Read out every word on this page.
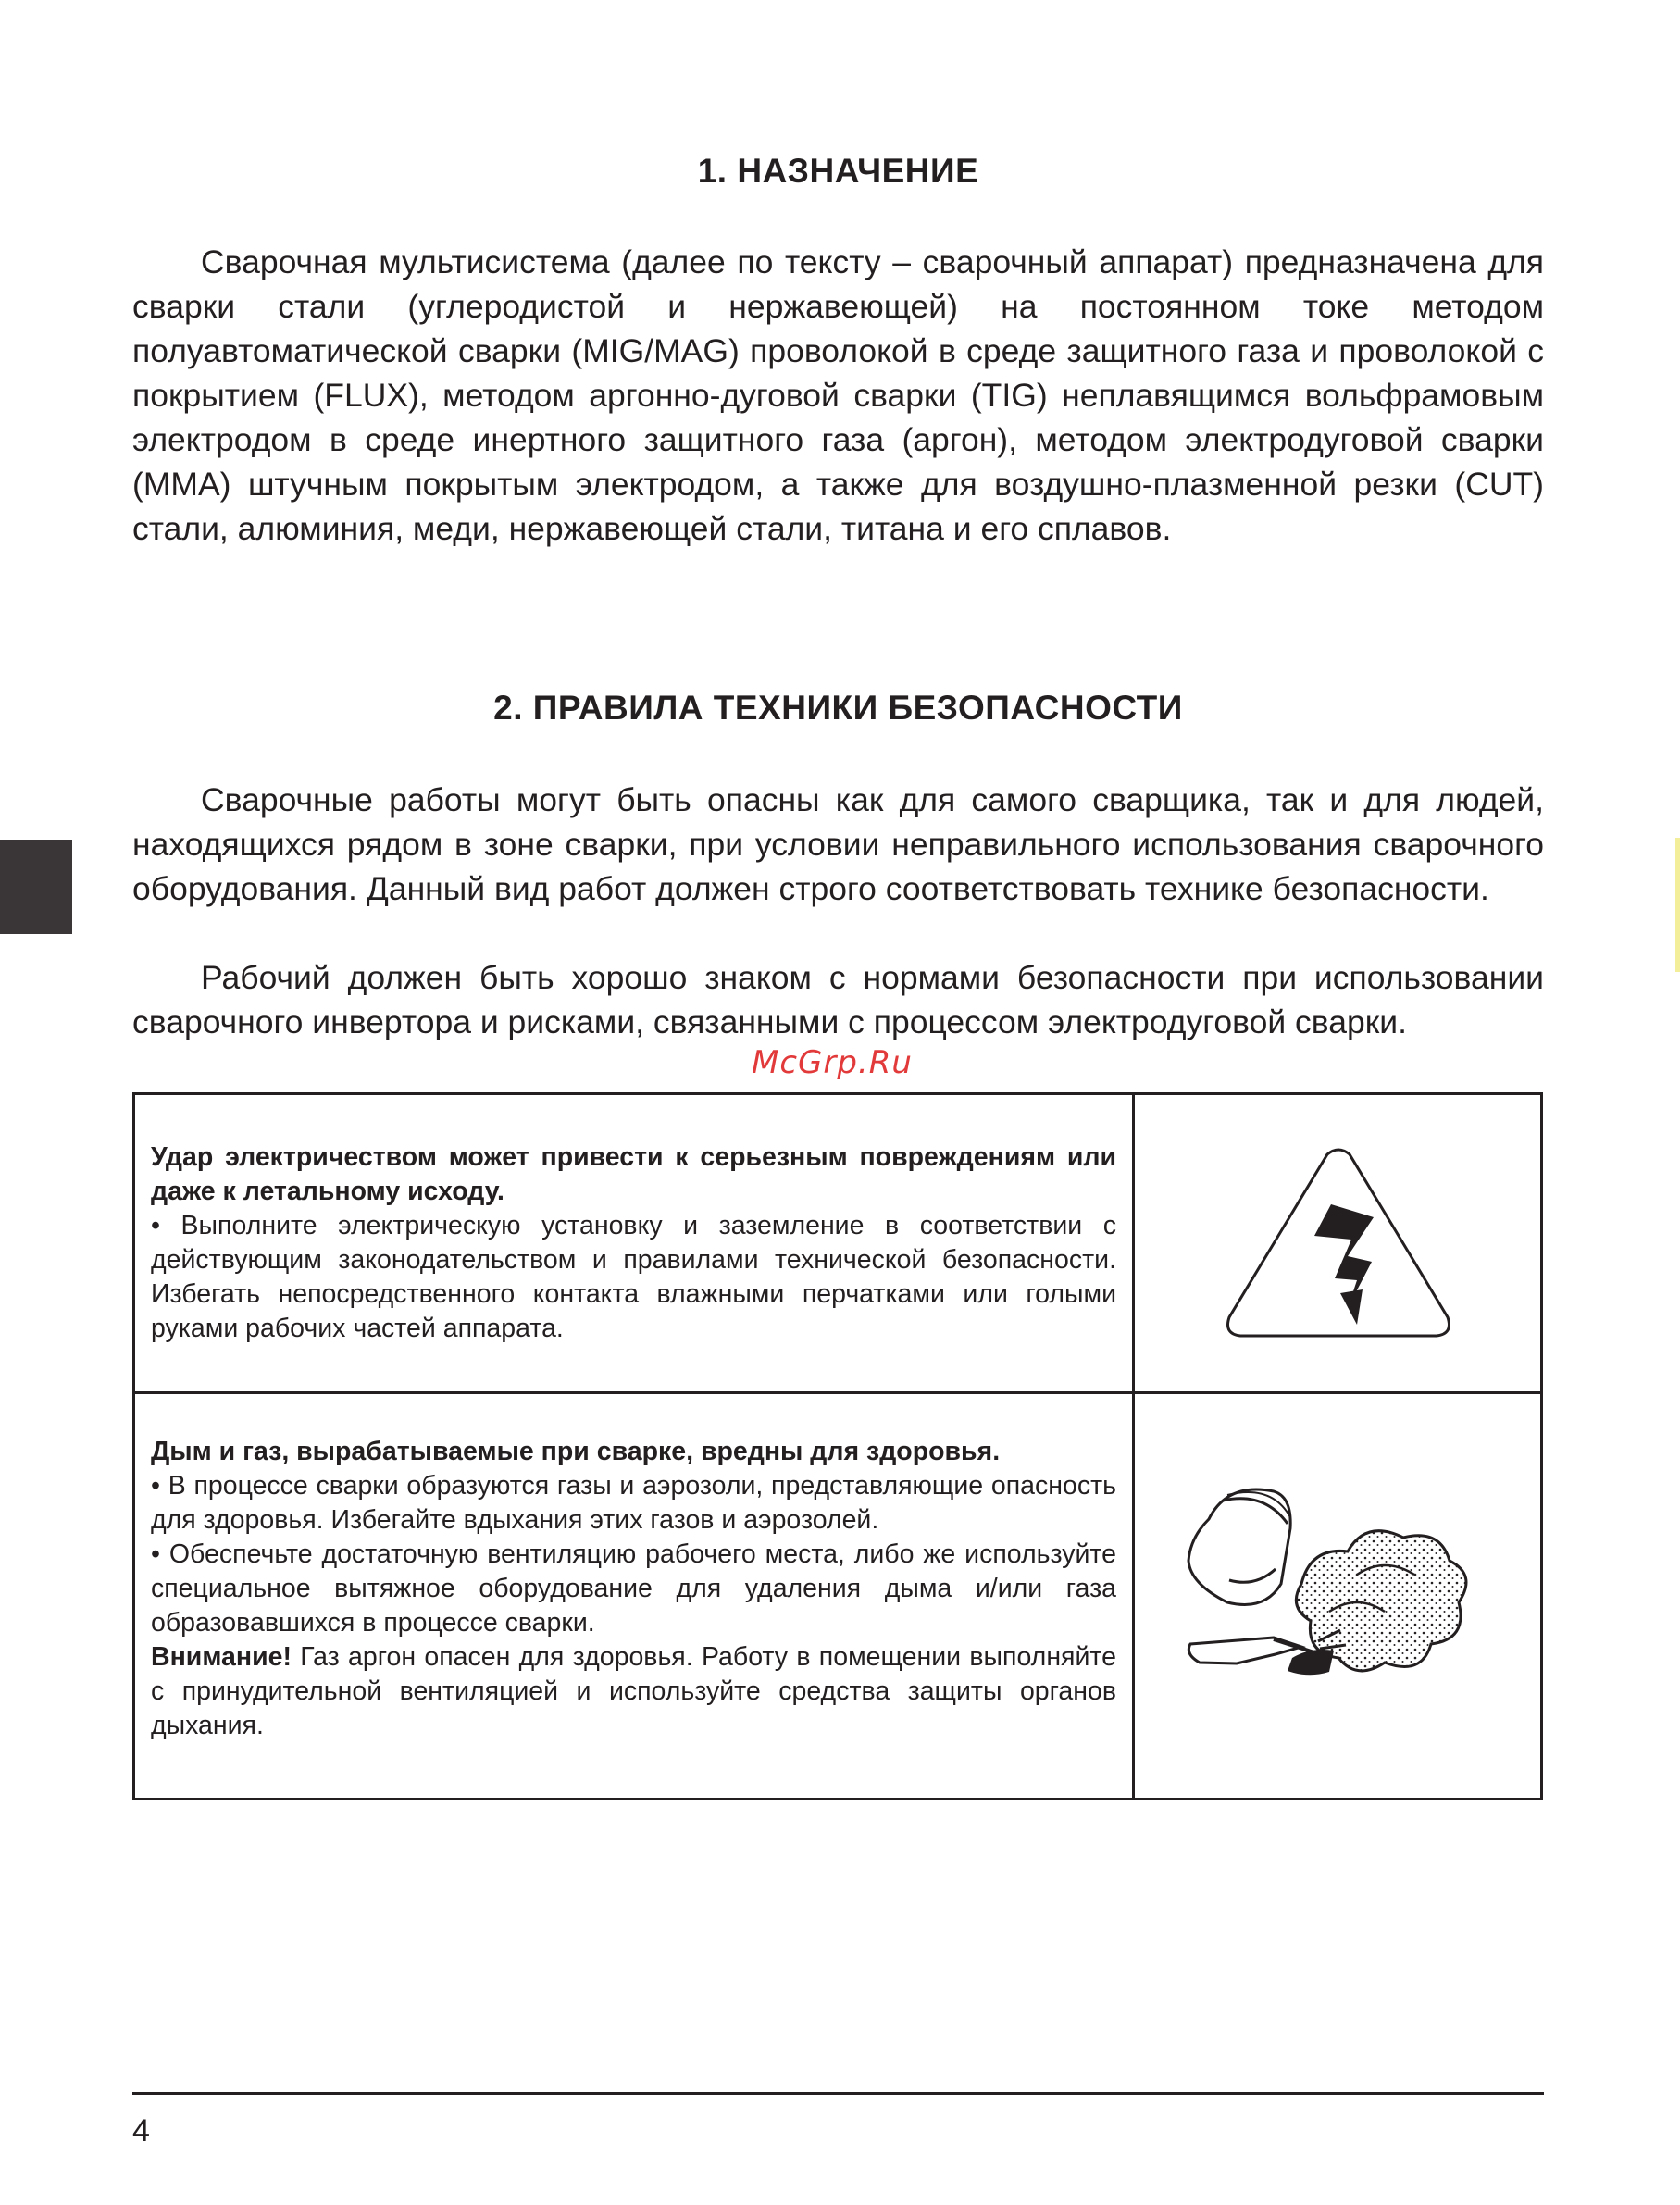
1. НАЗНАЧЕНИЕ

Сварочная мультисистема (далее по тексту – сварочный аппарат) предназначена для сварки стали (углеродистой и нержавеющей) на постоянном токе методом полуавтоматической сварки (MIG/MAG) проволокой в среде защитного газа и проволокой с покрытием (FLUX), методом аргонно-дуговой сварки (TIG) неплавящимся вольфрамовым электродом в среде инертного защитного газа (аргон), методом электродуговой сварки (MMA) штучным покрытым электродом, а также для воздушно-плазменной резки (CUT) стали, алюминия, меди, нержавеющей стали, титана и его сплавов.

2. ПРАВИЛА ТЕХНИКИ БЕЗОПАСНОСТИ

Сварочные работы могут быть опасны как для самого сварщика, так и для людей, находящихся рядом в зоне сварки, при условии неправильного использования сварочного оборудования. Данный вид работ должен строго соответствовать технике безопасности.

Рабочий должен быть хорошо знаком с нормами безопасности при использовании сварочного инвертора и рисками, связанными с процессом электродуговой сварки.

McGrp.Ru

Удар электричеством может привести к серьезным повреждениям или даже к летальному исходу.

• Выполните электрическую установку и заземление в соответствии с действующим законодательством и правилами технической безопасности. Избегать непосредственного контакта влажными перчатками или голыми руками рабочих частей аппарата.

Дым и газ, вырабатываемые при сварке, вредны для здоровья.

• В процессе сварки образуются газы и аэрозоли, представляющие опасность для здоровья. Избегайте вдыхания этих газов и аэрозолей.

• Обеспечьте достаточную вентиляцию рабочего места, либо же используйте специальное вытяжное оборудование для удаления дыма и/или газа образовавшихся в процессе сварки.

Внимание! Газ аргон опасен для здоровья. Работу в помещении выполняйте с принудительной вентиляцией и используйте средства защиты органов дыхания.

4
